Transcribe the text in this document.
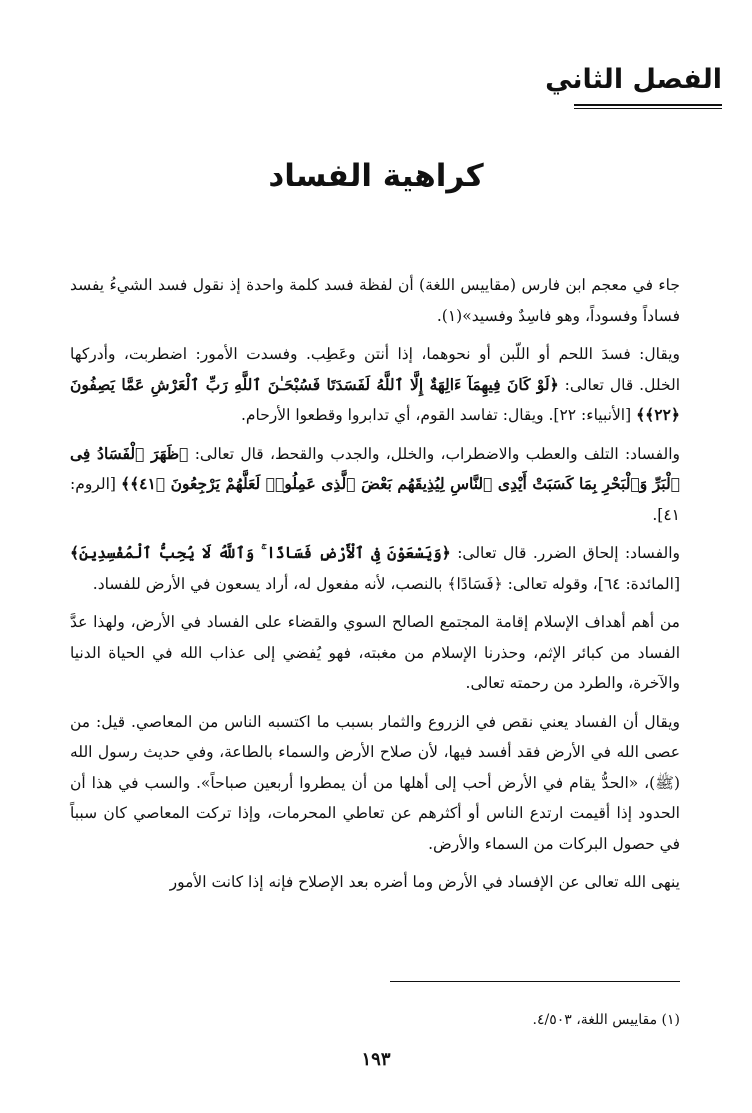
الفصل الثاني
كراهية الفساد

جاء في معجم ابن فارس (مقاييس اللغة) أن لفظة فسد كلمة واحدة إذ نقول فسد الشيءُ يفسد فساداً وفسوداً، وهو فاسِدٌ وفسيد»(١).

ويقال: فسدَ اللحم أو اللّبن أو نحوهما، إذا أنتن وعَطِب. وفسدت الأمور: اضطربت، وأدركها الخلل. قال تعالى: ﴿لَوْ كَانَ فِيهِمَآ ءَالِهَةٌ إِلَّا ٱللَّهُ لَفَسَدَتَا فَسُبْحَـٰنَ ٱللَّهِ رَبِّ ٱلْعَرْشِ عَمَّا يَصِفُونَ ﴿٢٢﴾﴾ [الأنبياء: ٢٢]. ويقال: تفاسد القوم، أي تدابروا وقطعوا الأرحام.

والفساد: التلف والعطب والاضطراب، والخلل، والجدب والقحط، قال تعالى: ﴿ظَهَرَ ٱلْفَسَادُ فِى ٱلْبَرِّ وَٱلْبَحْرِ بِمَا كَسَبَتْ أَيْدِى ٱلنَّاسِ لِيُذِيقَهُم بَعْضَ ٱلَّذِى عَمِلُوا۟ لَعَلَّهُمْ يَرْجِعُونَ ﴿٤١﴾﴾ [الروم: ٤١].

والفساد: إلحاق الضرر. قال تعالى: ﴿وَيَسْعَوْنَ فِى ٱلْأَرْضِ فَسَادًا ۚ وَٱللَّهُ لَا يُحِبُّ ٱلْمُفْسِدِينَ﴾ [المائدة: ٦٤]، وقوله تعالى: ﴿فَسَادًا﴾ بالنصب، لأنه مفعول له، أراد يسعون في الأرض للفساد.

من أهم أهداف الإسلام إقامة المجتمع الصالح السوي والقضاء على الفساد في الأرض، ولهذا عدَّ الفساد من كبائر الإثم، وحذرنا الإسلام من مغبته، فهو يُفضي إلى عذاب الله في الحياة الدنيا والآخرة، والطرد من رحمته تعالى.

ويقال أن الفساد يعني نقص في الزروع والثمار بسبب ما اكتسبه الناس من المعاصي. قيل: من عصى الله في الأرض فقد أفسد فيها، لأن صلاح الأرض والسماء بالطاعة، وفي حديث رسول الله (ﷺ)، «الحدُّ يقام في الأرض أحب إلى أهلها من أن يمطروا أربعين صباحاً». والسب في هذا أن الحدود إذا أقيمت ارتدع الناس أو أكثرهم عن تعاطي المحرمات، وإذا تركت المعاصي كان سبباً في حصول البركات من السماء والأرض.

ينهى الله تعالى عن الإفساد في الأرض وما أضره بعد الإصلاح فإنه إذا كانت الأمور

(١) مقاييس اللغة، ٤/٥٠٣.
١٩٣
